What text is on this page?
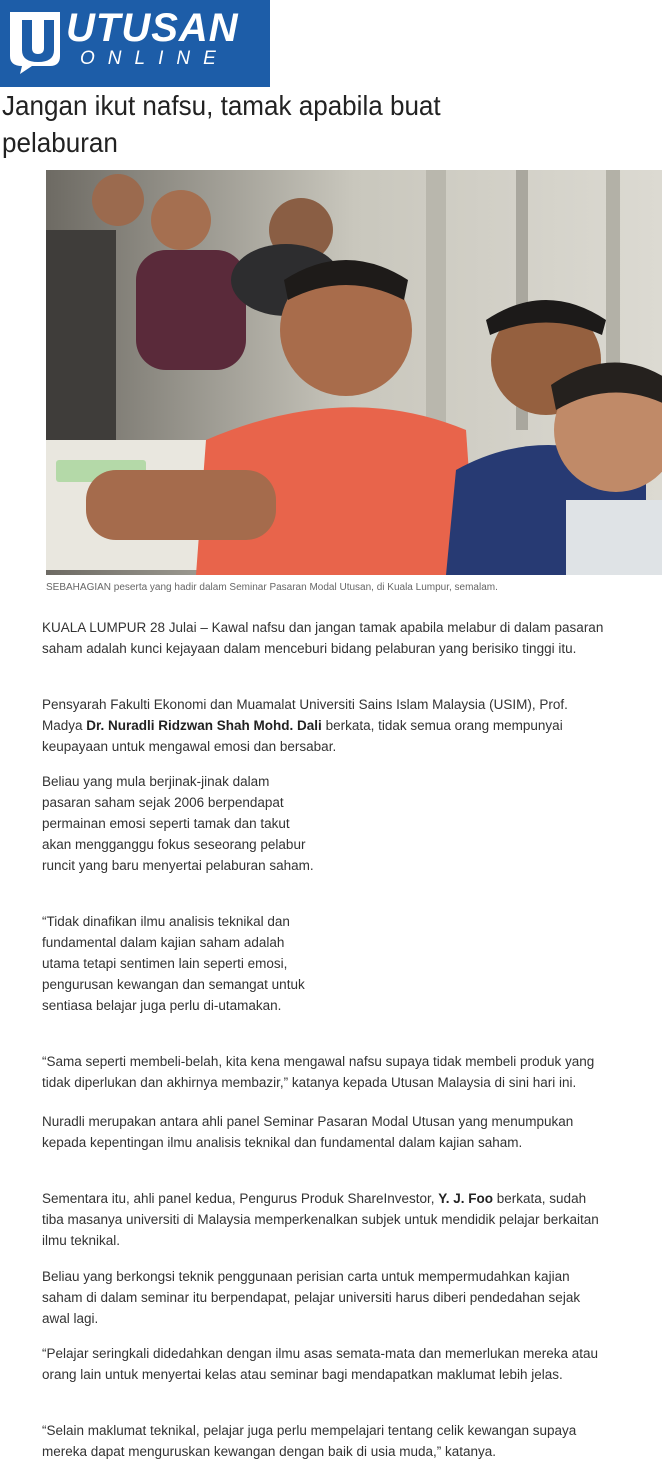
UTUSAN
ONLINE
Jangan ikut nafsu, tamak apabila buat pelaburan
SEBAHAGIAN peserta yang hadir dalam Seminar Pasaran Modal Utusan, di Kuala Lumpur, semalam.

KUALA LUMPUR 28 Julai – Kawal nafsu dan jangan tamak apabila melabur di dalam pasaran saham adalah kunci kejayaan dalam menceburi bidang pelaburan yang berisiko tinggi itu.

Pensyarah Fakulti Ekonomi dan Muamalat Universiti Sains Islam Malaysia (USIM), Prof. Madya Dr. Nuradli Ridzwan Shah Mohd. Dali berkata, tidak semua orang mempunyai keupayaan untuk mengawal emosi dan bersabar.

Beliau yang mula berjinak-jinak dalam pasaran saham sejak 2006 berpendapat permainan emosi seperti tamak dan takut akan mengganggu fokus seseorang pelabur runcit yang baru menyertai pelaburan saham.

“Tidak dinafikan ilmu analisis teknikal dan fundamental dalam kajian saham adalah utama tetapi sentimen lain seperti emosi, pengurusan kewangan dan semangat untuk sentiasa belajar juga perlu di-utamakan.

“Sama seperti membeli-belah, kita kena mengawal nafsu supaya tidak membeli produk yang tidak diperlukan dan akhirnya membazir,” katanya kepada Utusan Malaysia di sini hari ini.

Nuradli merupakan antara ahli panel Seminar Pasaran Modal Utusan yang menumpukan kepada kepentingan ilmu analisis teknikal dan fundamental dalam kajian saham.

Sementara itu, ahli panel kedua, Pengurus Produk ShareInvestor, Y. J. Foo berkata, sudah tiba masanya universiti di Malaysia memperkenalkan subjek untuk mendidik pelajar berkaitan ilmu teknikal.

Beliau yang berkongsi teknik penggunaan perisian carta untuk mempermudahkan kajian saham di dalam seminar itu berpendapat, pelajar universiti harus diberi pendedahan sejak awal lagi.

“Pelajar seringkali didedahkan dengan ilmu asas semata-mata dan memerlukan mereka atau orang lain untuk menyertai kelas atau seminar bagi mendapatkan maklumat lebih jelas.

“Selain maklumat teknikal, pelajar juga perlu mempelajari tentang celik kewangan supaya mereka dapat menguruskan kewangan dengan baik di usia muda,” katanya.
